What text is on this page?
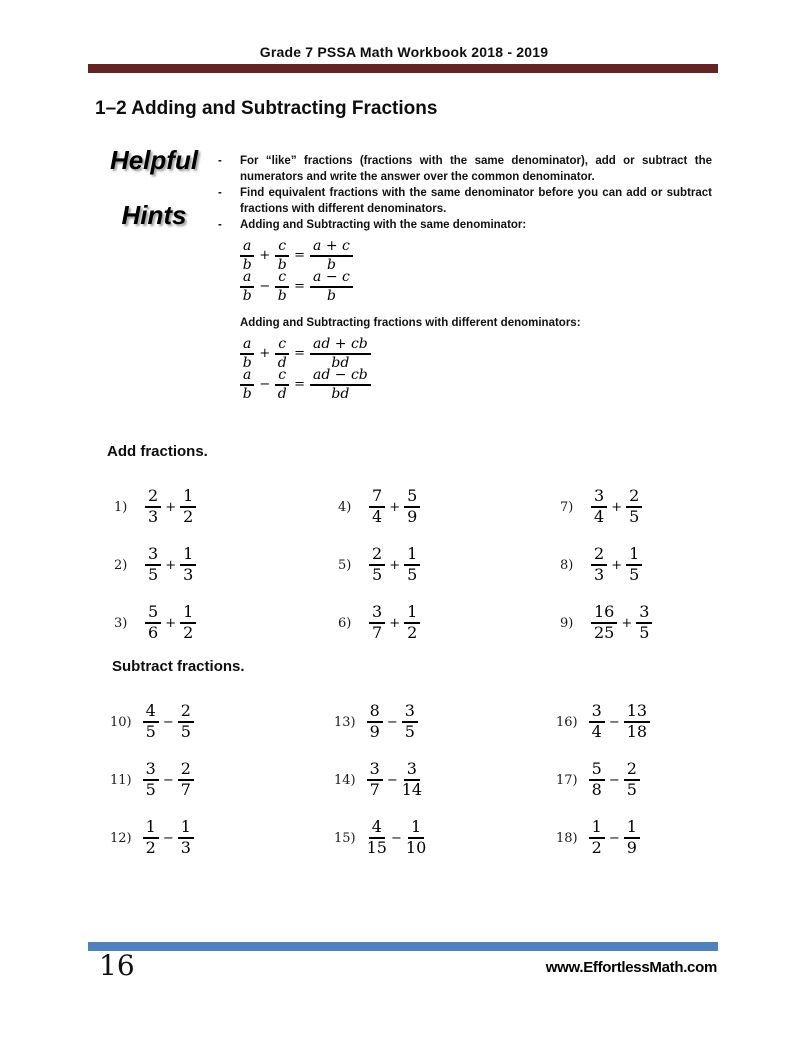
Grade 7 PSSA Math Workbook 2018 - 2019
1–2 Adding and Subtracting Fractions
Helpful
Hints
-	For “like” fractions (fractions with the same denominator), add or subtract the numerators and write the answer over the common denominator.
-	Find equivalent fractions with the same denominator before you can add or subtract fractions with different denominators.
-	Adding and Subtracting with the same denominator:
$\frac{a}{b} + \frac{c}{b} = \frac{a + c}{b}$
$\frac{a}{b} - \frac{c}{b} = \frac{a - c}{b}$
Adding and Subtracting fractions with different denominators:
$\frac{a}{b} + \frac{c}{d} = \frac{ad + cb}{bd}$
$\frac{a}{b} - \frac{c}{d} = \frac{ad - cb}{bd}$
Add fractions.
1)	$\frac{2}{3} + \frac{1}{2}$	4)	$\frac{7}{4} + \frac{5}{9}$	7)	$\frac{3}{4} + \frac{2}{5}$
2)	$\frac{3}{5} + \frac{1}{3}$	5)	$\frac{2}{5} + \frac{1}{5}$	8)	$\frac{2}{3} + \frac{1}{5}$
3)	$\frac{5}{6} + \frac{1}{2}$	6)	$\frac{3}{7} + \frac{1}{2}$	9)	$\frac{16}{25} + \frac{3}{5}$
Subtract fractions.
$10) \frac{4}{5} - \frac{2}{5}$	$13) \frac{8}{9} - \frac{3}{5}$	$16) \frac{3}{4} - \frac{13}{18}$
$11) \frac{3}{5} - \frac{2}{7}$	$14) \frac{3}{7} - \frac{3}{14}$	$17) \frac{5}{8} - \frac{2}{5}$
$12) \frac{1}{2} - \frac{1}{3}$	$15) \frac{4}{15} - \frac{1}{10}$	$18) \frac{1}{2} - \frac{1}{9}$
16	www.EffortlessMath.com
